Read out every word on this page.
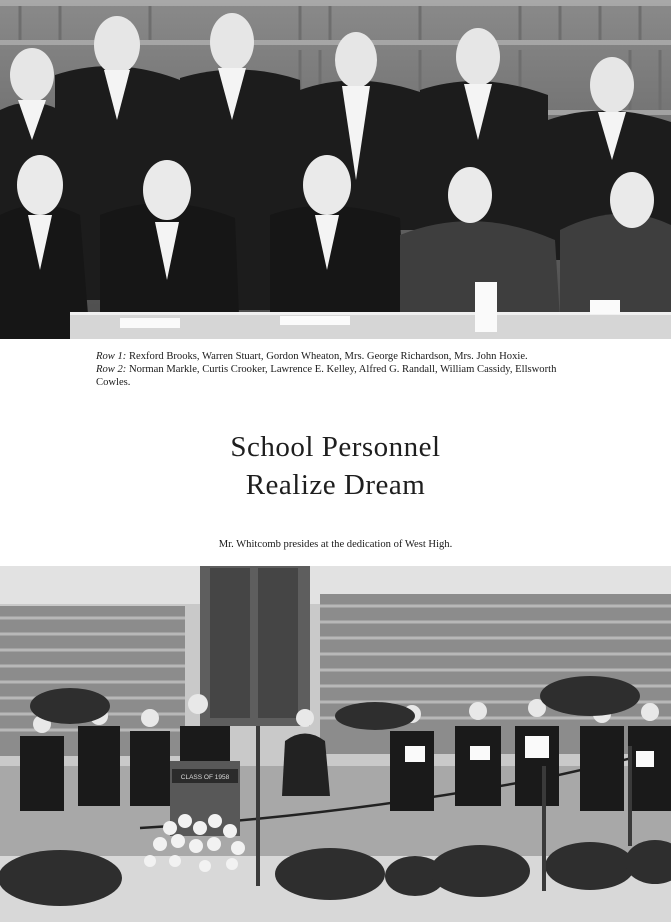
Row 1: Rexford Brooks, Warren Stuart, Gordon Wheaton, Mrs. George Richardson, Mrs. John Hoxie.
Row 2: Norman Markle, Curtis Crooker, Lawrence E. Kelley, Alfred G. Randall, William Cassidy, Ellsworth Cowles.
School Personnel
Realize Dream
Mr. Whitcomb presides at the dedication of West High.
CLASS OF 1958
